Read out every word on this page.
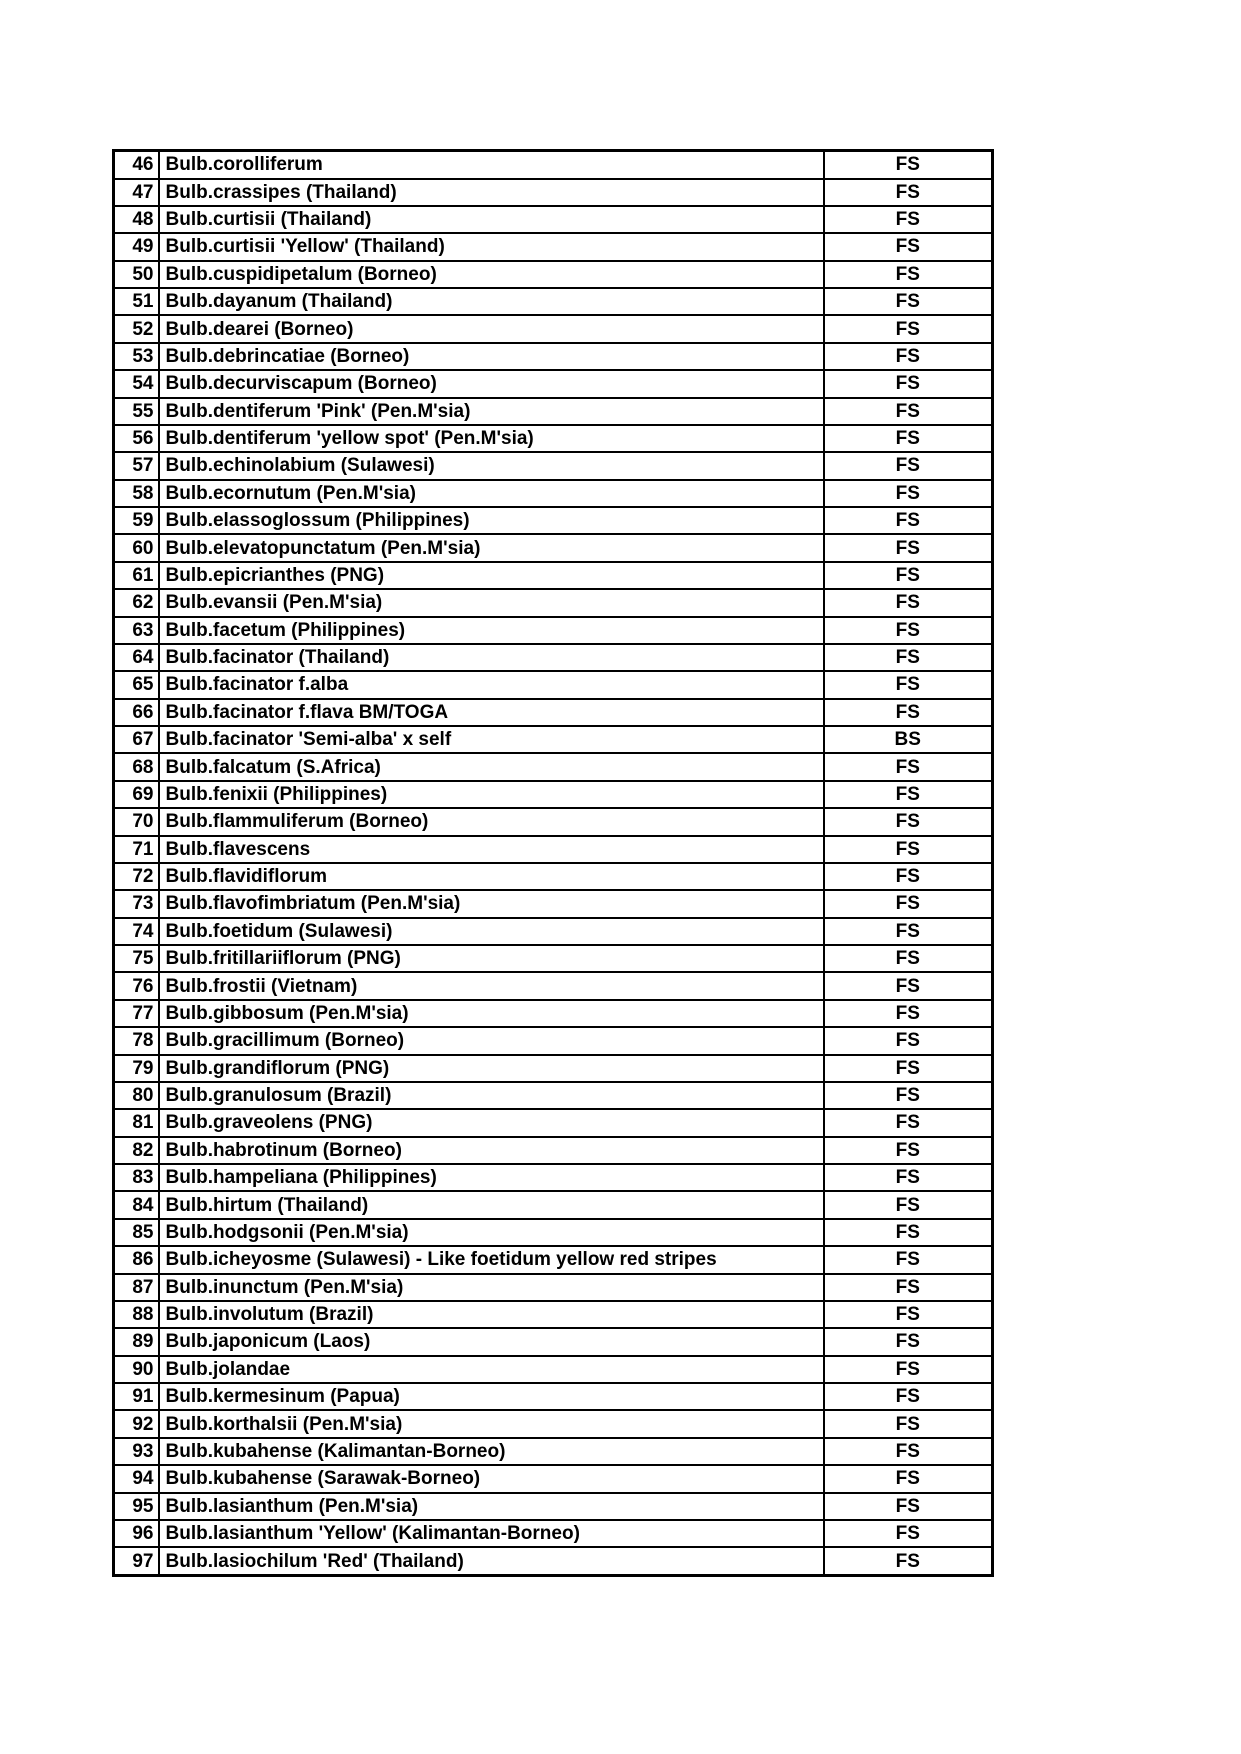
46	Bulb.corolliferum	FS
47	Bulb.crassipes (Thailand)	FS
48	Bulb.curtisii (Thailand)	FS
49	Bulb.curtisii 'Yellow' (Thailand)	FS
50	Bulb.cuspidipetalum (Borneo)	FS
51	Bulb.dayanum (Thailand)	FS
52	Bulb.dearei (Borneo)	FS
53	Bulb.debrincatiae (Borneo)	FS
54	Bulb.decurviscapum (Borneo)	FS
55	Bulb.dentiferum 'Pink' (Pen.M'sia)	FS
56	Bulb.dentiferum 'yellow spot' (Pen.M'sia)	FS
57	Bulb.echinolabium (Sulawesi)	FS
58	Bulb.ecornutum (Pen.M'sia)	FS
59	Bulb.elassoglossum (Philippines)	FS
60	Bulb.elevatopunctatum (Pen.M'sia)	FS
61	Bulb.epicrianthes (PNG)	FS
62	Bulb.evansii (Pen.M'sia)	FS
63	Bulb.facetum (Philippines)	FS
64	Bulb.facinator (Thailand)	FS
65	Bulb.facinator f.alba	FS
66	Bulb.facinator f.flava BM/TOGA	FS
67	Bulb.facinator 'Semi-alba' x self	BS
68	Bulb.falcatum (S.Africa)	FS
69	Bulb.fenixii (Philippines)	FS
70	Bulb.flammuliferum (Borneo)	FS
71	Bulb.flavescens	FS
72	Bulb.flavidiflorum	FS
73	Bulb.flavofimbriatum (Pen.M'sia)	FS
74	Bulb.foetidum (Sulawesi)	FS
75	Bulb.fritillariiflorum (PNG)	FS
76	Bulb.frostii (Vietnam)	FS
77	Bulb.gibbosum (Pen.M'sia)	FS
78	Bulb.gracillimum (Borneo)	FS
79	Bulb.grandiflorum (PNG)	FS
80	Bulb.granulosum (Brazil)	FS
81	Bulb.graveolens (PNG)	FS
82	Bulb.habrotinum (Borneo)	FS
83	Bulb.hampeliana (Philippines)	FS
84	Bulb.hirtum (Thailand)	FS
85	Bulb.hodgsonii (Pen.M'sia)	FS
86	Bulb.icheyosme (Sulawesi) - Like foetidum yellow red stripes	FS
87	Bulb.inunctum (Pen.M'sia)	FS
88	Bulb.involutum (Brazil)	FS
89	Bulb.japonicum (Laos)	FS
90	Bulb.jolandae	FS
91	Bulb.kermesinum (Papua)	FS
92	Bulb.korthalsii (Pen.M'sia)	FS
93	Bulb.kubahense (Kalimantan-Borneo)	FS
94	Bulb.kubahense (Sarawak-Borneo)	FS
95	Bulb.lasianthum (Pen.M'sia)	FS
96	Bulb.lasianthum 'Yellow' (Kalimantan-Borneo)	FS
97	Bulb.lasiochilum 'Red' (Thailand)	FS
